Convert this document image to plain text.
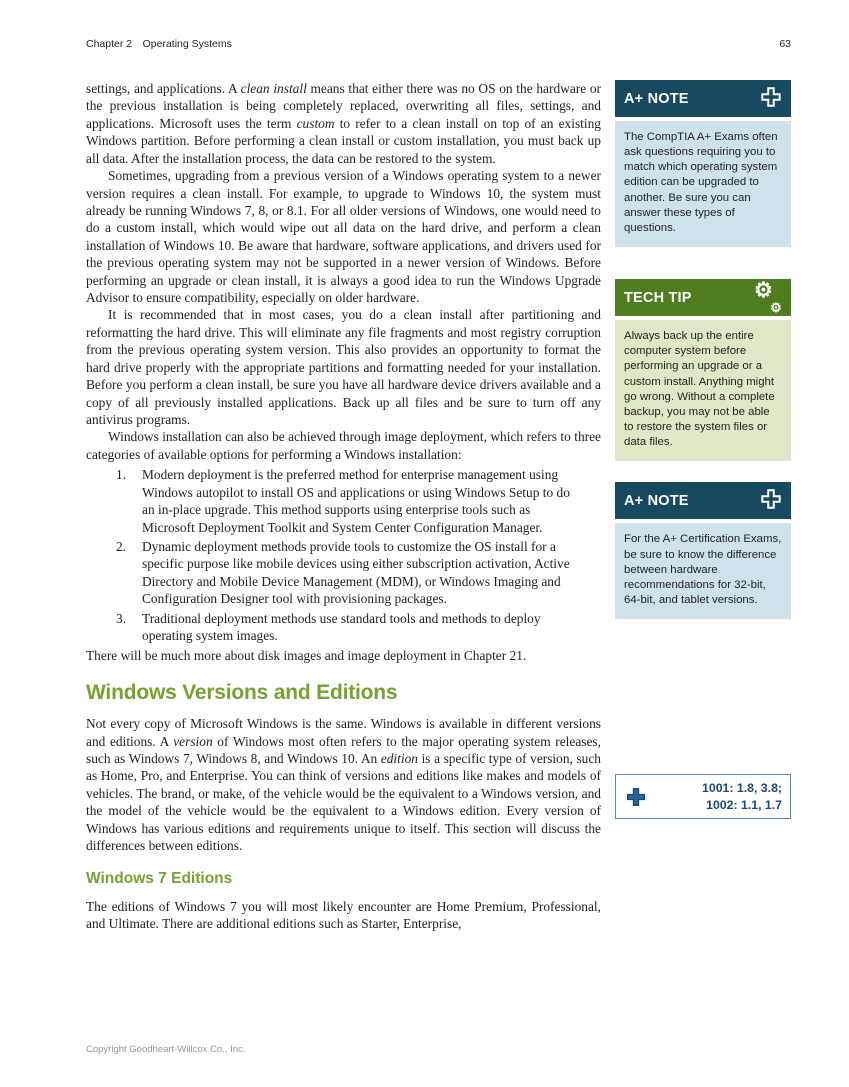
Chapter 2  Operating Systems	63

settings, and applications. A clean install means that either there was no OS on the hardware or the previous installation is being completely replaced, overwriting all files, settings, and applications. Microsoft uses the term custom to refer to a clean install on top of an existing Windows partition. Before performing a clean install or custom installation, you must back up all data. After the installation process, the data can be restored to the system.

Sometimes, upgrading from a previous version of a Windows operating system to a newer version requires a clean install. For example, to upgrade to Windows 10, the system must already be running Windows 7, 8, or 8.1. For all older versions of Windows, one would need to do a custom install, which would wipe out all data on the hard drive, and perform a clean installation of Windows 10. Be aware that hardware, software applications, and drivers used for the previous operating system may not be supported in a newer version of Windows. Before performing an upgrade or clean install, it is always a good idea to run the Windows Upgrade Advisor to ensure compatibility, especially on older hardware.

It is recommended that in most cases, you do a clean install after partitioning and reformatting the hard drive. This will eliminate any file fragments and most registry corruption from the previous operating system version. This also provides an opportunity to format the hard drive properly with the appropriate partitions and formatting needed for your installation. Before you perform a clean install, be sure you have all hardware device drivers available and a copy of all previously installed applications. Back up all files and be sure to turn off any antivirus programs.

Windows installation can also be achieved through image deployment, which refers to three categories of available options for performing a Windows installation:

1.	Modern deployment is the preferred method for enterprise management using Windows autopilot to install OS and applications or using Windows Setup to do an in-place upgrade. This method supports using enterprise tools such as Microsoft Deployment Toolkit and System Center Configuration Manager.
2.	Dynamic deployment methods provide tools to customize the OS install for a specific purpose like mobile devices using either subscription activation, Active Directory and Mobile Device Management (MDM), or Windows Imaging and Configuration Designer tool with provisioning packages.
3.	Traditional deployment methods use standard tools and methods to deploy operating system images.

There will be much more about disk images and image deployment in Chapter 21.

Windows Versions and Editions

Not every copy of Microsoft Windows is the same. Windows is available in different versions and editions. A version of Windows most often refers to the major operating system releases, such as Windows 7, Windows 8, and Windows 10. An edition is a specific type of version, such as Home, Pro, and Enterprise. You can think of versions and editions like makes and models of vehicles. The brand, or make, of the vehicle would be the equivalent to a Windows version, and the model of the vehicle would be the equivalent to a Windows edition. Every version of Windows has various editions and requirements unique to itself. This section will discuss the differences between editions.

Windows 7 Editions

The editions of Windows 7 you will most likely encounter are Home Premium, Professional, and Ultimate. There are additional editions such as Starter, Enterprise,

A+ NOTE
The CompTIA A+ Exams often ask questions requiring you to match which operating system edition can be upgraded to another. Be sure you can answer these types of questions.
TECH TIP	⚙
⚙
Always back up the entire computer system before performing an upgrade or a custom install. Anything might go wrong. Without a complete backup, you may not be able to restore the system files or data files.
A+ NOTE
For the A+ Certification Exams, be sure to know the difference between hardware recommendations for 32-bit, 64-bit, and tablet versions.
1001: 1.8, 3.8;
1002: 1.1, 1.7
Copyright Goodheart-Willcox Co., Inc.
